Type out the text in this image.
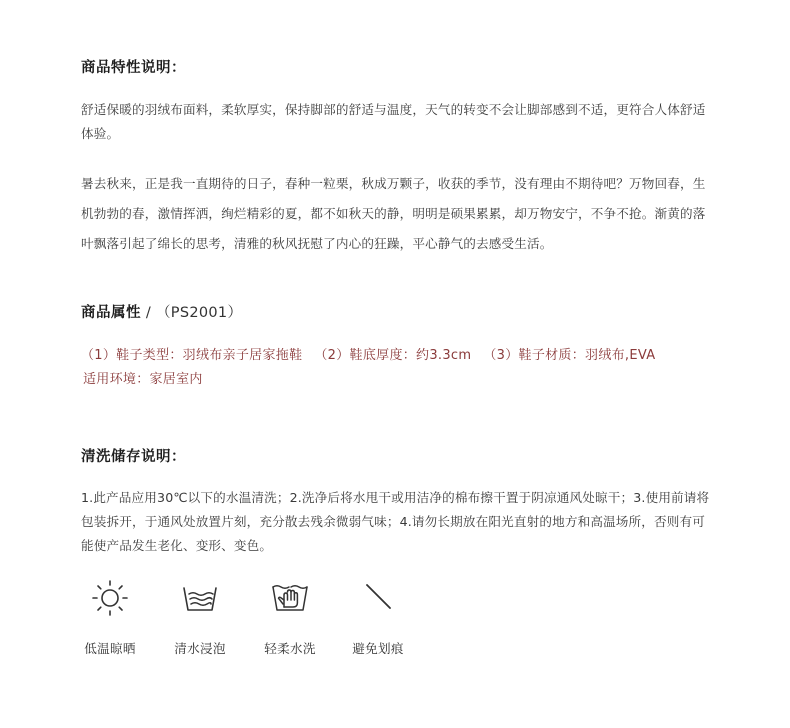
商品特性说明：
舒适保暖的羽绒布面料，柔软厚实，保持脚部的舒适与温度，天气的转变不会让脚部感到不适，更符合人体舒适体验。
暑去秋来，正是我一直期待的日子，春种一粒栗，秋成万颗子，收获的季节，没有理由不期待吧？万物回春，生机勃勃的春，激情挥洒，绚烂精彩的夏，都不如秋天的静，明明是硕果累累，却万物安宁，不争不抢。渐黄的落叶飘落引起了绵长的思考，清雅的秋风抚慰了内心的狂躁，平心静气的去感受生活。
商品属性 / （PS2001）
（1）鞋子类型：羽绒布亲子居家拖鞋 （2）鞋底厚度：约3.3cm （3）鞋子材质：羽绒布,EVA
适用环境：家居室内
清洗储存说明：
1.此产品应用30℃以下的水温清洗；2.洗净后将水甩干或用洁净的棉布擦干置于阴凉通风处晾干；3.使用前请将包装拆开，于通风处放置片刻，充分散去残余微弱气味；4.请勿长期放在阳光直射的地方和高温场所，否则有可能使产品发生老化、变形、变色。
低温晾晒	清水浸泡	轻柔水洗	避免划痕
